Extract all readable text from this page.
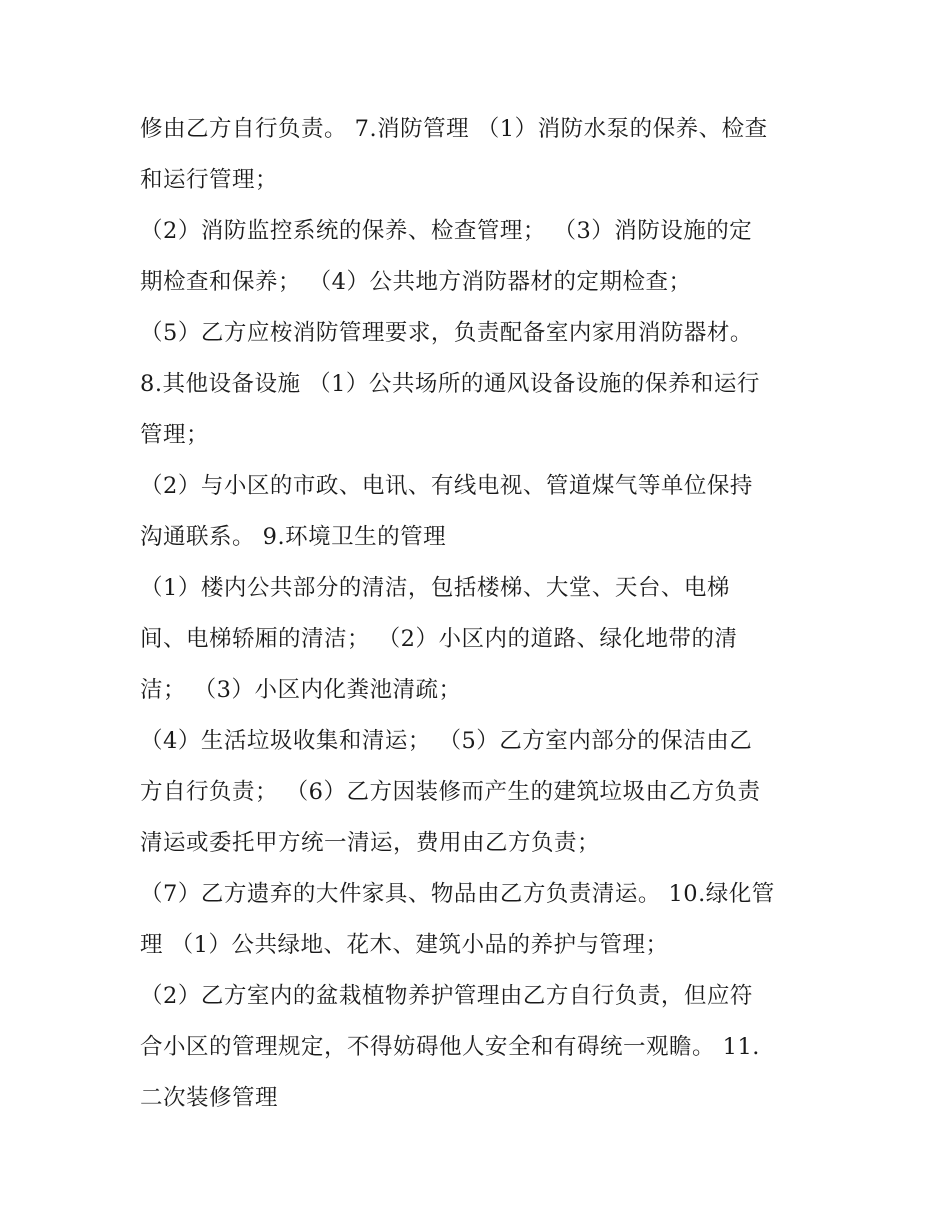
修由乙方自行负责。 7.消防管理 （1）消防水泵的保养、检查
和运行管理；
（2）消防监控系统的保养、检查管理； （3）消防设施的定
期检查和保养； （4）公共地方消防器材的定期检查；
（5）乙方应桉消防管理要求，负责配备室内家用消防器材。
8.其他设备设施 （1）公共场所的通风设备设施的保养和运行
管理；
（2）与小区的市政、电讯、有线电视、管道煤气等单位保持
沟通联系。 9.环境卫生的管理
（1）楼内公共部分的清洁，包括楼梯、大堂、天台、电梯
间、电梯轿厢的清洁； （2）小区内的道路、绿化地带的清
洁； （3）小区内化粪池清疏；
（4）生活垃圾收集和清运； （5）乙方室内部分的保洁由乙
方自行负责； （6）乙方因装修而产生的建筑垃圾由乙方负责
清运或委托甲方统一清运，费用由乙方负责；
（7）乙方遗弃的大件家具、物品由乙方负责清运。 10.绿化管
理 （1）公共绿地、花木、建筑小品的养护与管理；
（2）乙方室内的盆栽植物养护管理由乙方自行负责，但应符
合小区的管理规定，不得妨碍他人安全和有碍统一观瞻。 11.
二次装修管理
